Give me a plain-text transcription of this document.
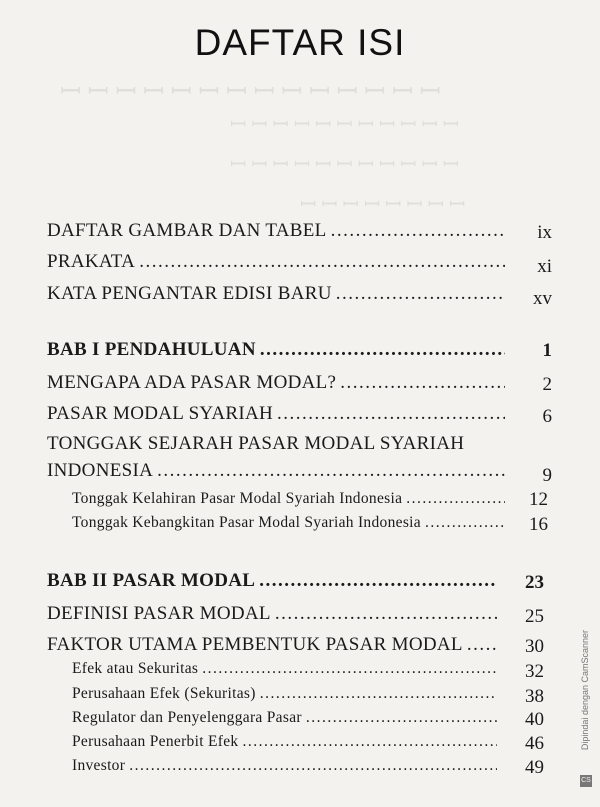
ꟷ ꟷ ꟷ ꟷ ꟷ ꟷ ꟷ ꟷ ꟷ ꟷ ꟷ ꟷ ꟷ ꟷ
ꟷ ꟷ ꟷ ꟷ ꟷ ꟷ ꟷ ꟷ ꟷ ꟷ ꟷ
ꟷ ꟷ ꟷ ꟷ ꟷ ꟷ ꟷ ꟷ ꟷ ꟷ ꟷ
ꟷ ꟷ ꟷ ꟷ ꟷ ꟷ ꟷ ꟷ
DAFTAR ISI
DAFTAR GAMBAR DAN TABEL .....	ix
PRAKATA .....	xi
KATA PENGANTAR EDISI BARU .....	xv
BAB I PENDAHULUAN .....	1
MENGAPA ADA PASAR MODAL? .....	2
PASAR MODAL SYARIAH .....	6
TONGGAK SEJARAH PASAR MODAL SYARIAH
INDONESIA .....	9
Tonggak Kelahiran Pasar Modal Syariah Indonesia .....	12
Tonggak Kebangkitan Pasar Modal Syariah Indonesia .....	16
BAB II PASAR MODAL .....	23
DEFINISI PASAR MODAL .....	25
FAKTOR UTAMA PEMBENTUK PASAR MODAL .....	30
Efek atau Sekuritas .....	32
Perusahaan Efek (Sekuritas) .....	38
Regulator dan Penyelenggara Pasar .....	40
Perusahaan Penerbit Efek .....	46
Investor .....	49
Dipindai dengan CamScanner
CS
